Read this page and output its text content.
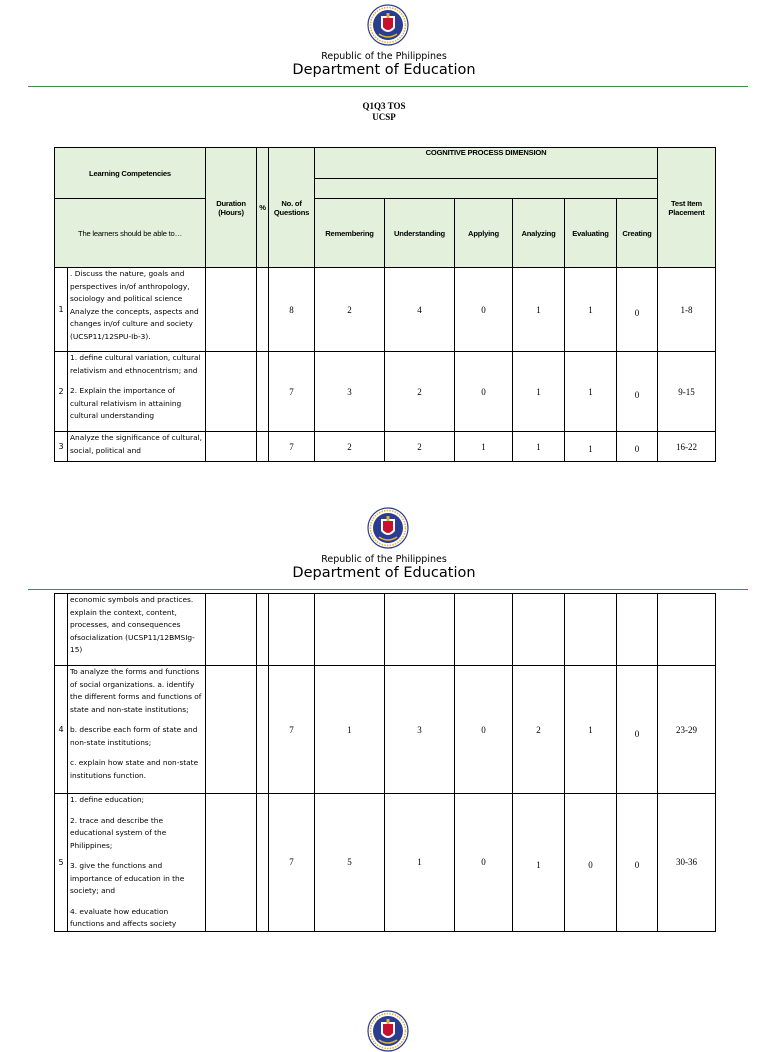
Republic of the Philippines
Department of Education
Q1Q3 TOS
UCSP
Learning Competencies		Duration (Hours)	%	No. of Questions	COGNITIVE PROCESS DIMENSION						Test Item Placement

The learners should be able to…					Remembering	Understanding	Applying	Analyzing	Evaluating	Creating	

1	. Discuss the nature, goals and perspectives in/of anthropology, sociology and political science Analyze the concepts, aspects and changes in/of culture and society (UCSP11/12SPU-Ib-3).			8	2	4	0	1	1	0	1-8
2	1. define cultural variation, cultural relativism and ethnocentrism; and

2. Explain the importance of cultural relativism in attaining cultural understanding			7	3	2	0	1	1	0	9-15
3	Analyze the significance of cultural, social, political and			7	2	2	1	1	1	0	16-22
Republic of the Philippines
Department of Education

	economic symbols and practices. explain the context, content, processes, and consequences ofsocialization (UCSP11/12BMSIg-15)										

4	To analyze the forms and functions of social organizations. a. identify the different forms and functions of state and non-state institutions;

b. describe each form of state and non-state institutions;

c. explain how state and non-state institutions function.			7	1	3	0	2	1	0	23-29
5	1. define education;

2. trace and describe the educational system of the Philippines;

3. give the functions and importance of education in the society; and

4. evaluate how education functions and affects society			7	5	1	0	1	0	0	30-36
